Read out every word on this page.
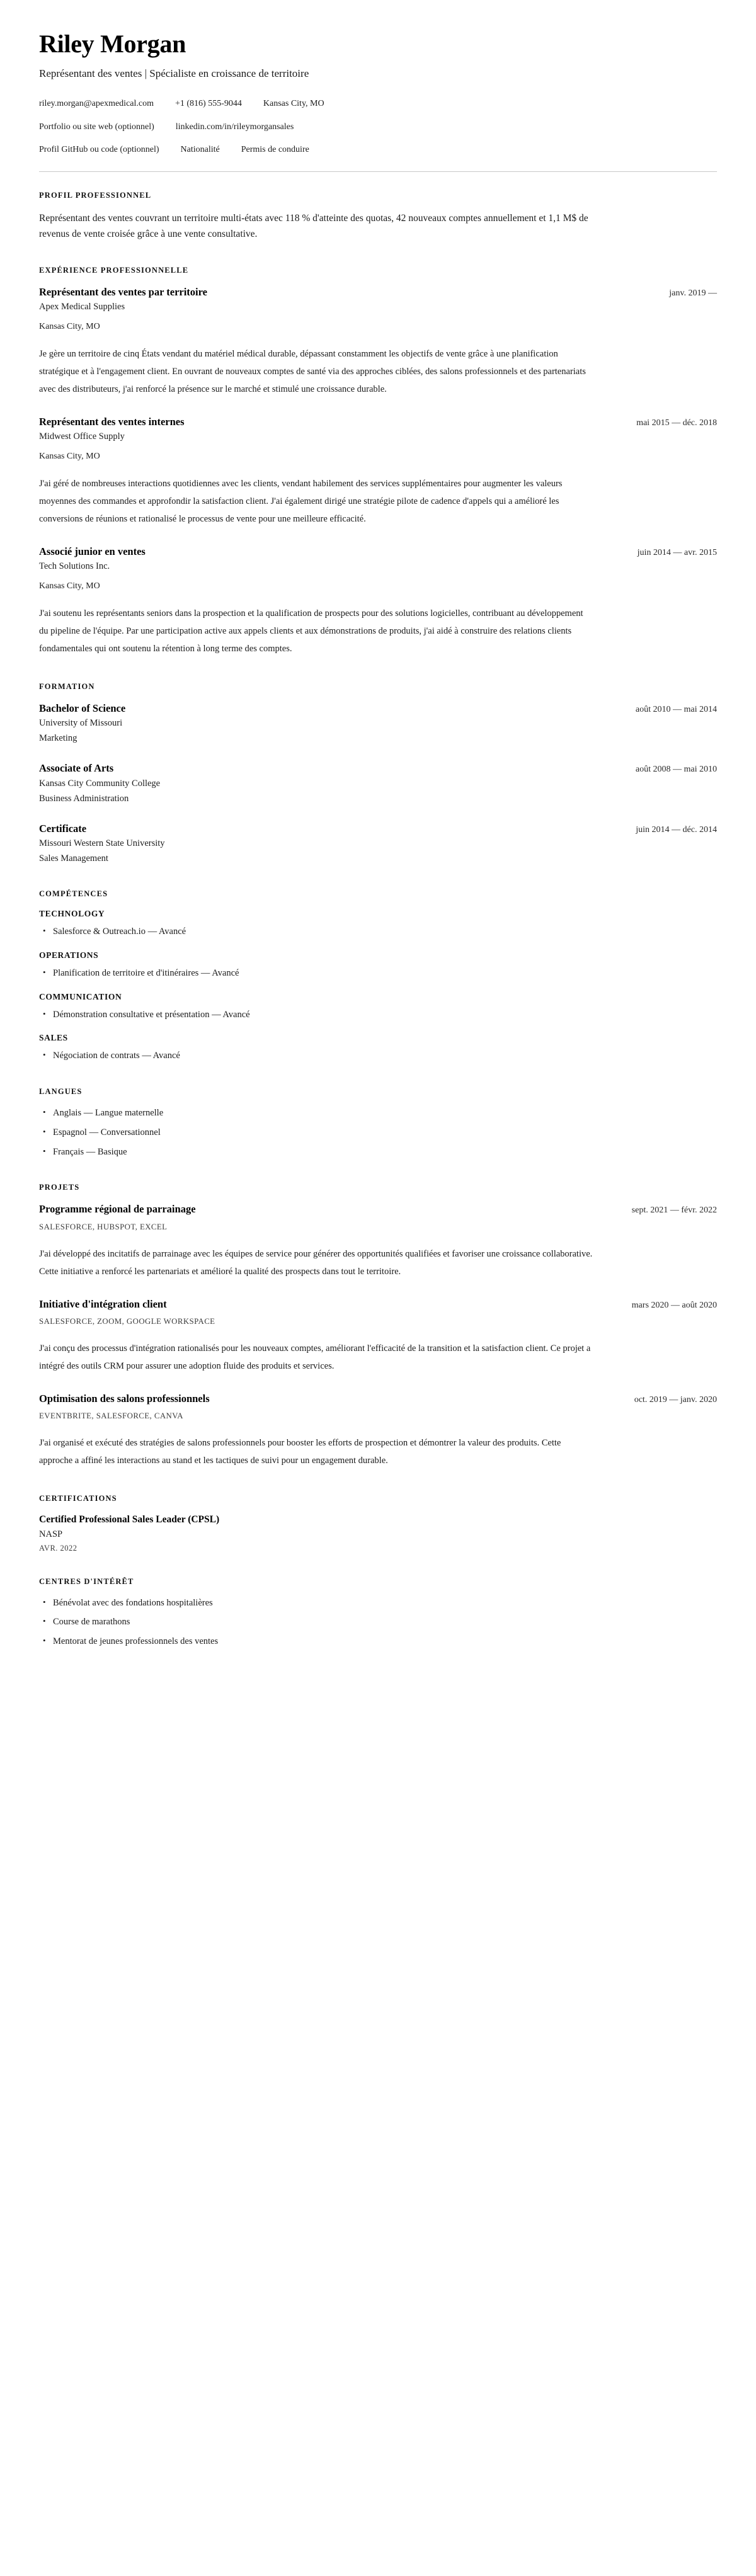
Riley Morgan

Représentant des ventes | Spécialiste en croissance de territoire

riley.morgan@apexmedical.com +1 (816) 555-9044 Kansas City, MO
Portfolio ou site web (optionnel) linkedin.com/in/rileymorgansales
Profil GitHub ou code (optionnel) Nationalité Permis de conduire
PROFIL PROFESSIONNEL

Représentant des ventes couvrant un territoire multi-états avec 118 % d'atteinte des quotas, 42 nouveaux comptes annuellement et 1,1 M$ de revenus de vente croisée grâce à une vente consultative.

EXPÉRIENCE PROFESSIONNELLE
Représentant des ventes par territoire	janv. 2019 —

Apex Medical Supplies

Kansas City, MO

Je gère un territoire de cinq États vendant du matériel médical durable, dépassant constamment les objectifs de vente grâce à une planification stratégique et à l'engagement client. En ouvrant de nouveaux comptes de santé via des approches ciblées, des salons professionnels et des partenariats avec des distributeurs, j'ai renforcé la présence sur le marché et stimulé une croissance durable.

Représentant des ventes internes	mai 2015 — déc. 2018

Midwest Office Supply

Kansas City, MO

J'ai géré de nombreuses interactions quotidiennes avec les clients, vendant habilement des services supplémentaires pour augmenter les valeurs moyennes des commandes et approfondir la satisfaction client. J'ai également dirigé une stratégie pilote de cadence d'appels qui a amélioré les conversions de réunions et rationalisé le processus de vente pour une meilleure efficacité.

Associé junior en ventes	juin 2014 — avr. 2015

Tech Solutions Inc.

Kansas City, MO

J'ai soutenu les représentants seniors dans la prospection et la qualification de prospects pour des solutions logicielles, contribuant au développement du pipeline de l'équipe. Par une participation active aux appels clients et aux démonstrations de produits, j'ai aidé à construire des relations clients fondamentales qui ont soutenu la rétention à long terme des comptes.

FORMATION
Bachelor of Science	août 2010 — mai 2014

University of Missouri

Marketing

Associate of Arts	août 2008 — mai 2010

Kansas City Community College

Business Administration

Certificate	juin 2014 — déc. 2014

Missouri Western State University

Sales Management

COMPÉTENCES
TECHNOLOGY
• Salesforce & Outreach.io — Avancé
OPERATIONS
• Planification de territoire et d'itinéraires — Avancé
COMMUNICATION
• Démonstration consultative et présentation — Avancé
SALES
• Négociation de contrats — Avancé
LANGUES
• Anglais — Langue maternelle
• Espagnol — Conversationnel
• Français — Basique
PROJETS
Programme régional de parrainage	sept. 2021 — févr. 2022

SALESFORCE, HUBSPOT, EXCEL

J'ai développé des incitatifs de parrainage avec les équipes de service pour générer des opportunités qualifiées et favoriser une croissance collaborative. Cette initiative a renforcé les partenariats et amélioré la qualité des prospects dans tout le territoire.

Initiative d'intégration client	mars 2020 — août 2020

SALESFORCE, ZOOM, GOOGLE WORKSPACE

J'ai conçu des processus d'intégration rationalisés pour les nouveaux comptes, améliorant l'efficacité de la transition et la satisfaction client. Ce projet a intégré des outils CRM pour assurer une adoption fluide des produits et services.

Optimisation des salons professionnels	oct. 2019 — janv. 2020

EVENTBRITE, SALESFORCE, CANVA

J'ai organisé et exécuté des stratégies de salons professionnels pour booster les efforts de prospection et démontrer la valeur des produits. Cette approche a affiné les interactions au stand et les tactiques de suivi pour un engagement durable.

CERTIFICATIONS
Certified Professional Sales Leader (CPSL)

NASP

AVR. 2022

CENTRES D'INTÉRÊT
• Bénévolat avec des fondations hospitalières
• Course de marathons
• Mentorat de jeunes professionnels des ventes
